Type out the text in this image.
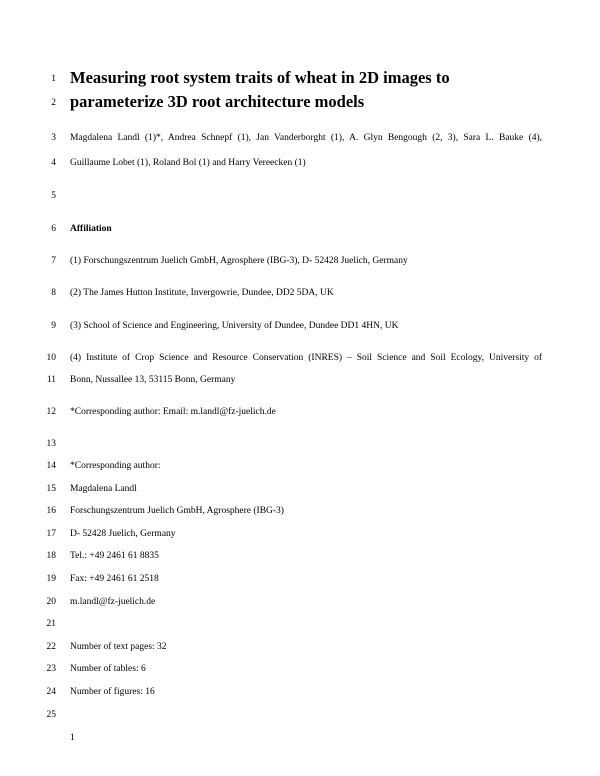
1 Measuring root system traits of wheat in 2D images to
2 parameterize 3D root architecture models
3 Magdalena Landl (1)*, Andrea Schnepf (1), Jan Vanderborght (1), A. Glyn Bengough (2, 3), Sara L. Bauke (4),
4 Guillaume Lobet (1), Roland Bol (1) and Harry Vereecken (1)
5
6 Affiliation
7 (1) Forschungszentrum Juelich GmbH, Agrosphere (IBG-3), D- 52428 Juelich, Germany
8 (2) The James Hutton Institute, Invergowrie, Dundee, DD2 5DA, UK
9 (3) School of Science and Engineering, University of Dundee, Dundee DD1 4HN, UK
10 (4) Institute of Crop Science and Resource Conservation (INRES) – Soil Science and Soil Ecology, University of
11 Bonn, Nussallee 13, 53115 Bonn, Germany
12 *Corresponding author: Email: m.landl@fz-juelich.de
13
14 *Corresponding author:
15 Magdalena Landl
16 Forschungszentrum Juelich GmbH, Agrosphere (IBG-3)
17 D- 52428 Juelich, Germany
18 Tel.: +49 2461 61 8835
19 Fax: +49 2461 61 2518
20 m.landl@fz-juelich.de
21
22 Number of text pages: 32
23 Number of tables: 6
24 Number of figures: 16
25
1
